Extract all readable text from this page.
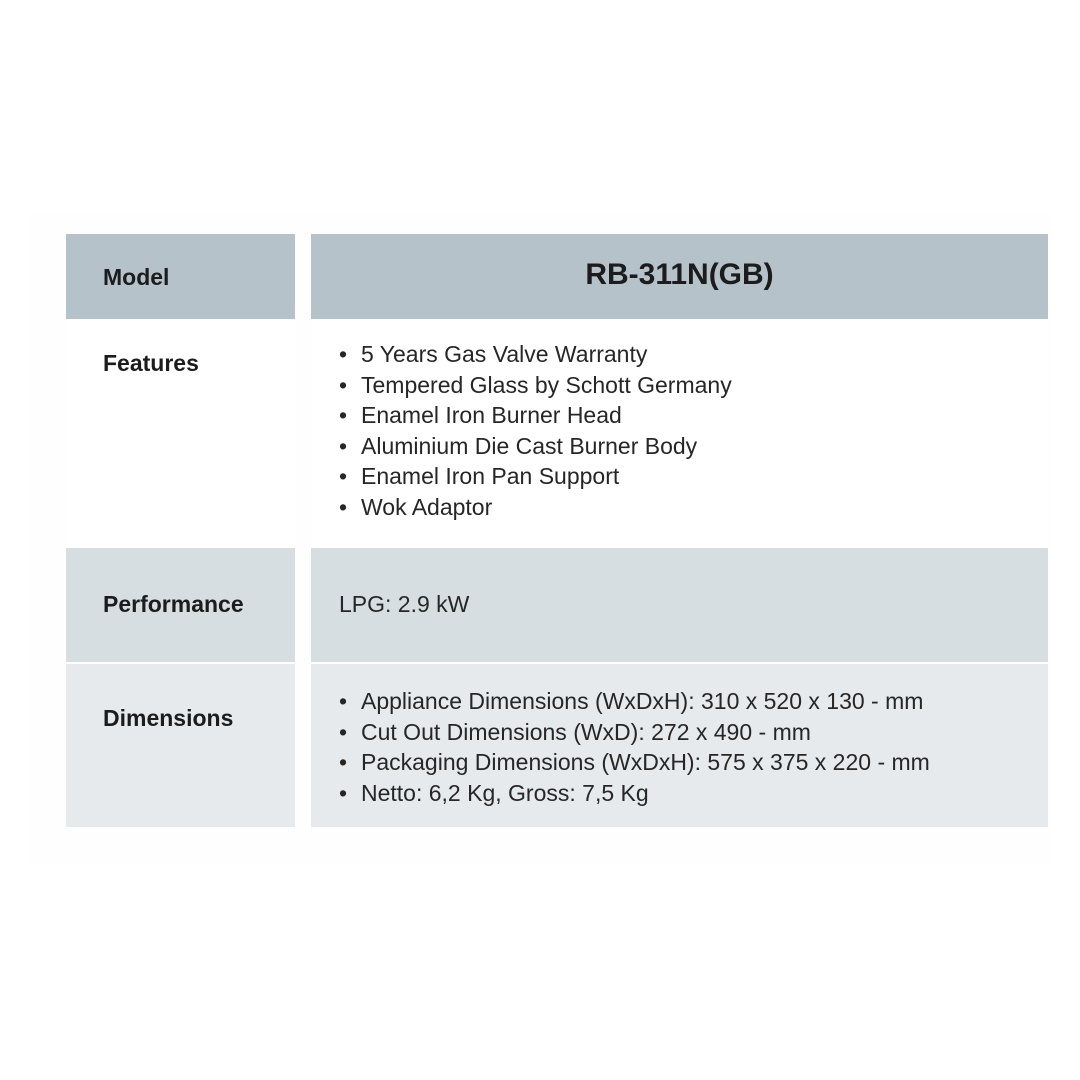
Model	RB-311N(GB)
Features
•	5 Years Gas Valve Warranty
• Tempered Glass by Schott Germany
• Enamel Iron Burner Head
• Aluminium Die Cast Burner Body
• Enamel Iron Pan Support
• Wok Adaptor
Performance	LPG: 2.9 kW
Dimensions
• Appliance Dimensions (WxDxH): 310 x 520 x 130 - mm
• Cut Out Dimensions (WxD): 272 x 490 - mm
• Packaging Dimensions (WxDxH): 575 x 375 x 220 - mm
• Netto: 6,2 Kg, Gross: 7,5 Kg
